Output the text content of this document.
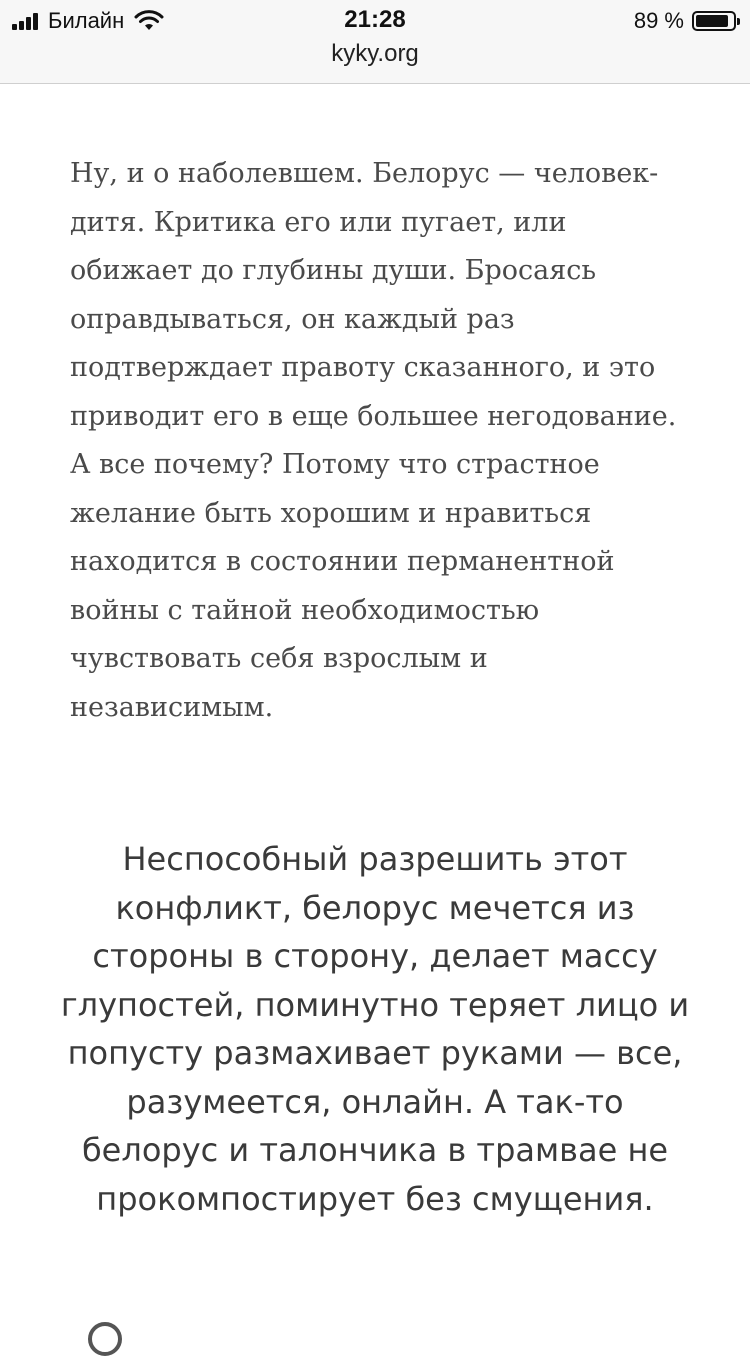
Билайн	21:28	89 %
kyky.org

Ну, и о наболевшем. Белорус — человек-дитя. Критика его или пугает, или обижает до глубины души. Бросаясь оправдываться, он каждый раз подтверждает правоту сказанного, и это приводит его в еще большее негодование. А все почему? Потому что страстное желание быть хорошим и нравиться находится в состоянии перманентной войны с тайной необходимостью чувствовать себя взрослым и независимым.

Неспособный разрешить этот конфликт, белорус мечется из стороны в сторону, делает массу глупостей, поминутно теряет лицо и попусту размахивает руками — все, разумеется, онлайн. А так-то белорус и талончика в трамвае не прокомпостирует без смущения.
